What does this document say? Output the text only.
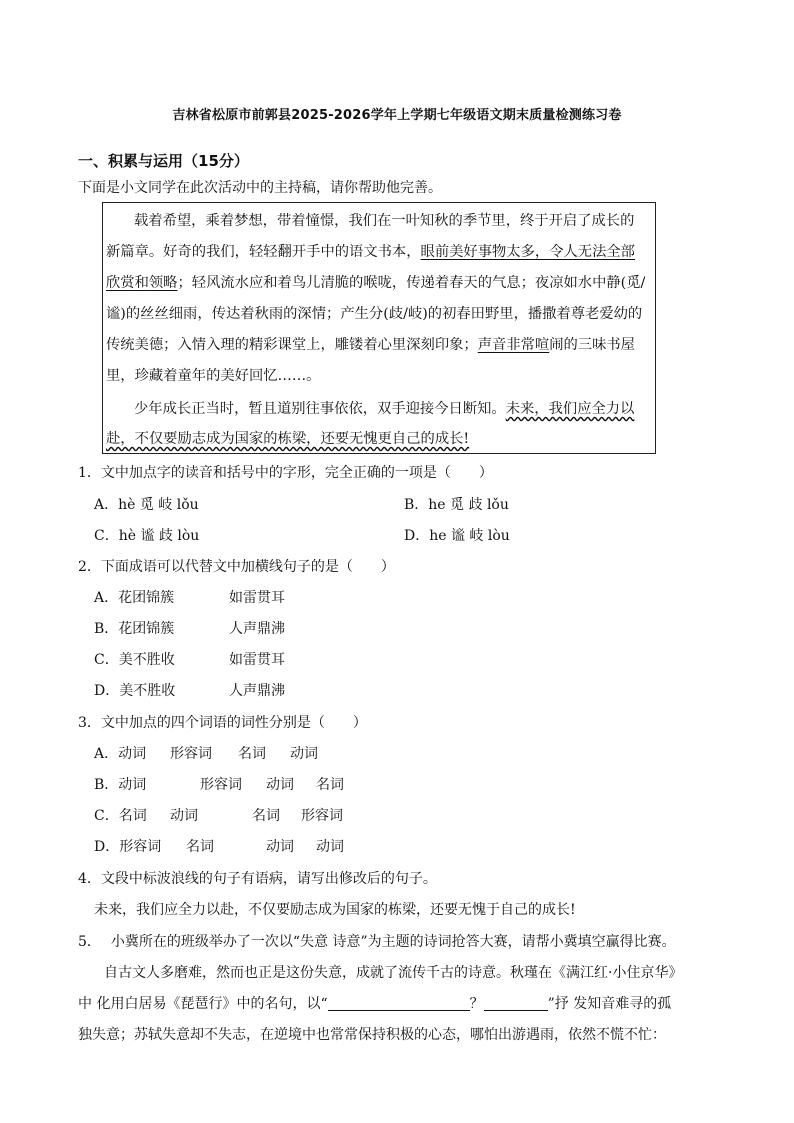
吉林省松原市前郭县2025-2026学年上学期七年级语文期末质量检测练习卷
一、积累与运用（15分）
下面是小文同学在此次活动中的主持稿，请你帮助他完善。
载着希望，乘着梦想，带着憧憬，我们在一叶知秋的季节里，终于开启了成长的
新篇章。好奇的我们，轻轻翻开手中的语文书本，眼前美好事物太多，令人无法全部
欣赏和领略；轻风流水应和着鸟儿清脆的喉咙，传递着春天的气息；夜凉如水中静(觅/
谧)的丝丝细雨，传达着秋雨的深情；产生分(歧/岐)的初春田野里，播撒着尊老爱幼的
传统美德；入情入理的精彩课堂上，雕镂着心里深刻印象；声音非常喧闹的三味书屋
里，珍藏着童年的美好回忆……。
少年成长正当时，暂且道别往事依依，双手迎接今日断知。未来，我们应全力以
赴，不仅要励志成为国家的栋梁，还要无愧更自己的成长!
1．文中加点字的读音和括号中的字形，完全正确的一项是（　　）
A．hè 觅 岐 lǒu	B．he 觅 歧 lǒu
C．hè 谧 歧 lòu	D．he 谧 岐 lòu
2．下面成语可以代替文中加横线句子的是（　　）
A．花团锦簇	如雷贯耳
B．花团锦簇	人声鼎沸
C．美不胜收	如雷贯耳
D．美不胜收	人声鼎沸
3．文中加点的四个词语的词性分别是（　　）
A．动词 形容词 名词 动词
B．动词	形容词 动词 名词
C．名词 动词	名词 形容词
D．形容词 名词	动词 动词
4．文段中标波浪线的句子有语病，请写出修改后的句子。
未来，我们应全力以赴，不仅要励志成为国家的栋梁，还要无愧于自己的成长!
5． 小冀所在的班级举办了一次以“失意 诗意”为主题的诗词抢答大赛，请帮小冀填空赢得比赛。
自古文人多磨难，然而也正是这份失意，成就了流传千古的诗意。秋瑾在《满江红·小住京华》
中 化用白居易《琵琶行》中的名句，以“	？	”抒 发知音难寻的孤
独失意；苏轼失意却不失志，在逆境中也常常保持积极的心态，哪怕出游遇雨，依然不慌不忙：
